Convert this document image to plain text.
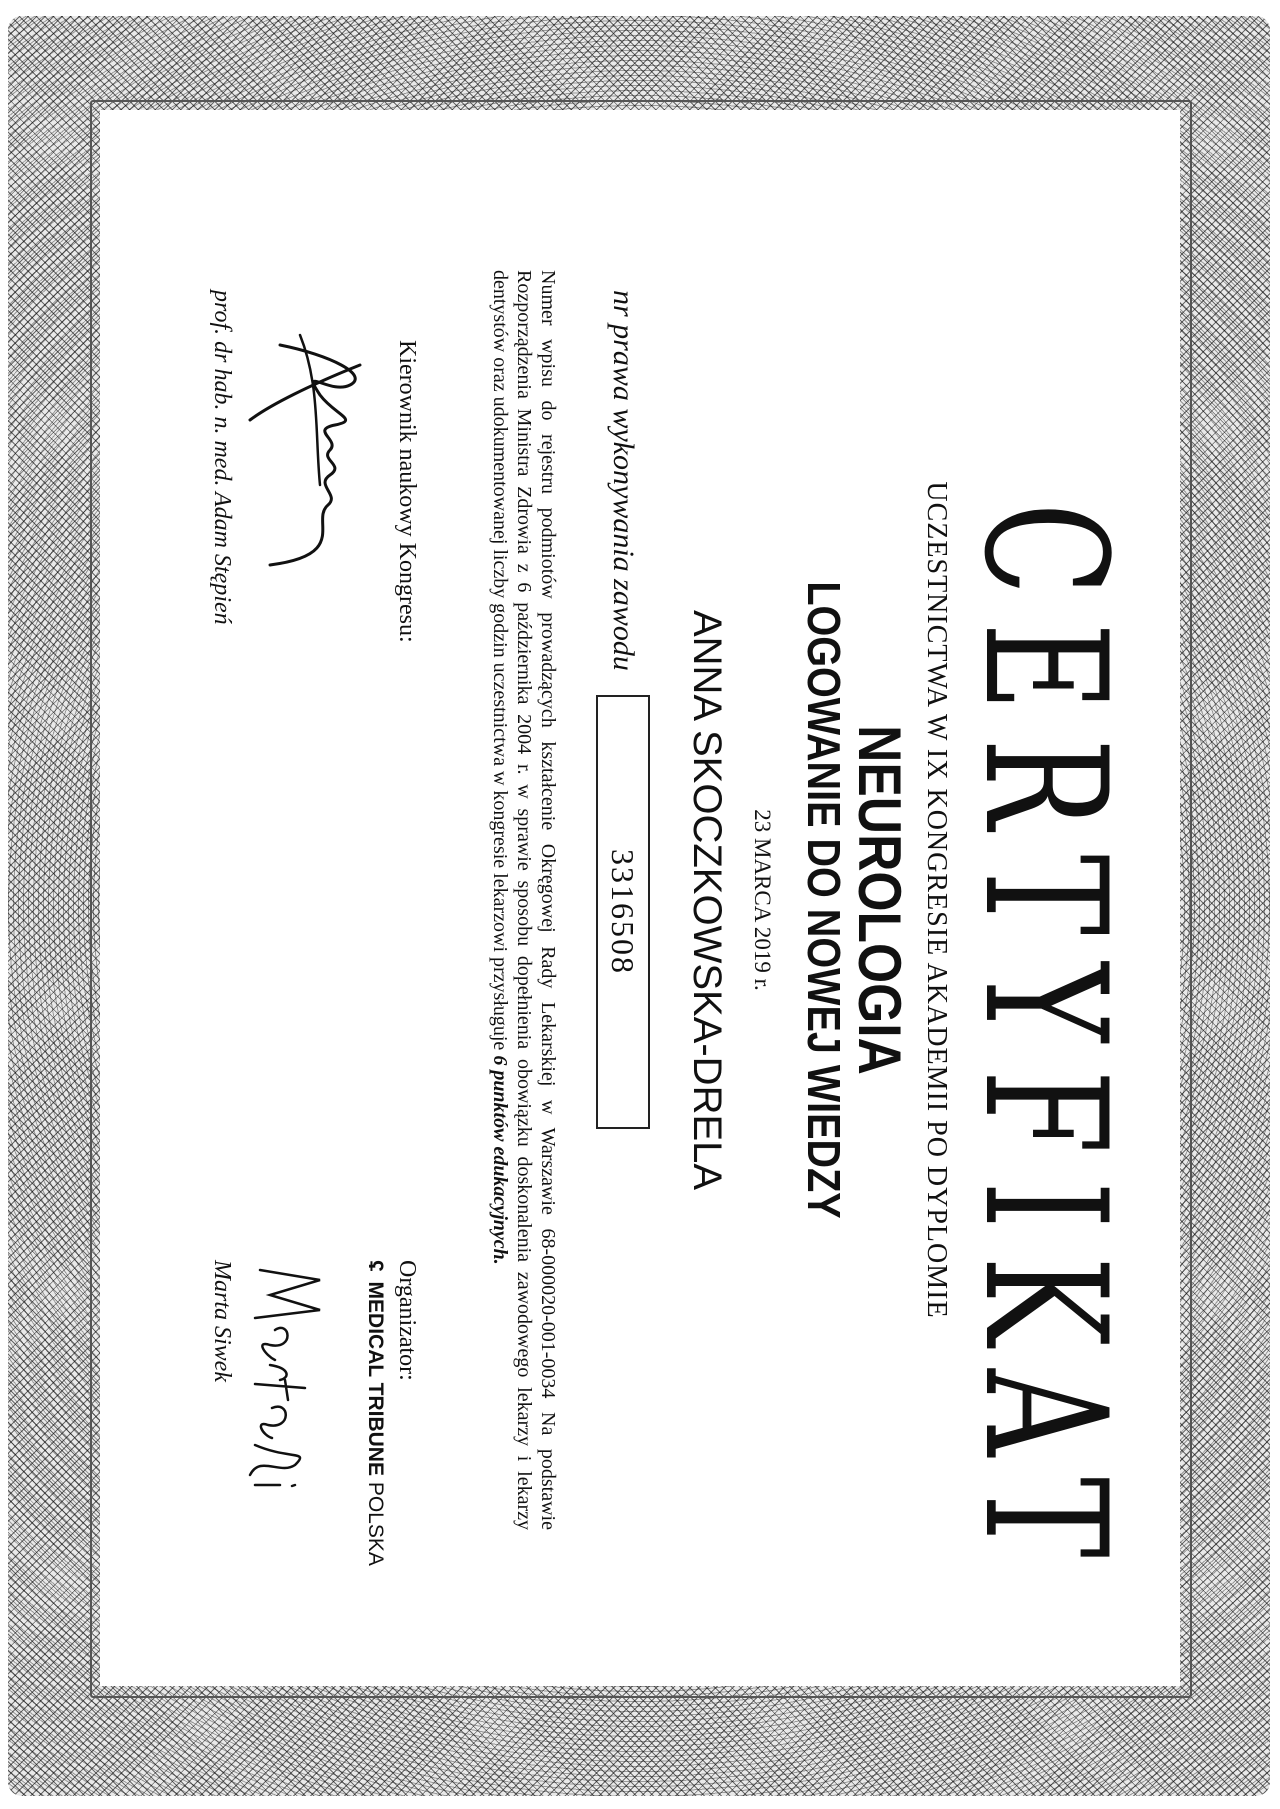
CERTYFIKAT
UCZESTNICTWA W IX KONGRESIE AKADEMII PO DYPLOMIE
NEUROLOGIA
LOGOWANIE DO NOWEJ WIEDZY
23 MARCA 2019 r.
ANNA SKOCZKOWSKA-DRELA
nr prawa wykonywania zawodu
3316508
Numer wpisu do rejestru podmiotów prowadzących kształcenie Okręgowej Rady Lekarskiej w Warszawie 68-000020-001-0034 Na podstawie Rozporządzenia Ministra Zdrowia z 6 października 2004 r. w sprawie sposobu dopełnienia obowiązku doskonalenia zawodowego lekarzy i lekarzy dentystów oraz udokumentowanej liczby godzin uczestnictwa w kongresie lekarzowi przysługuje 6 punktów edukacyjnych.
Kierownik naukowy Kongresu:
prof. dr hab. n. med. Adam Stępień
Organizator:
ʢ MEDICAL TRIBUNE POLSKA
Marta Siwek
